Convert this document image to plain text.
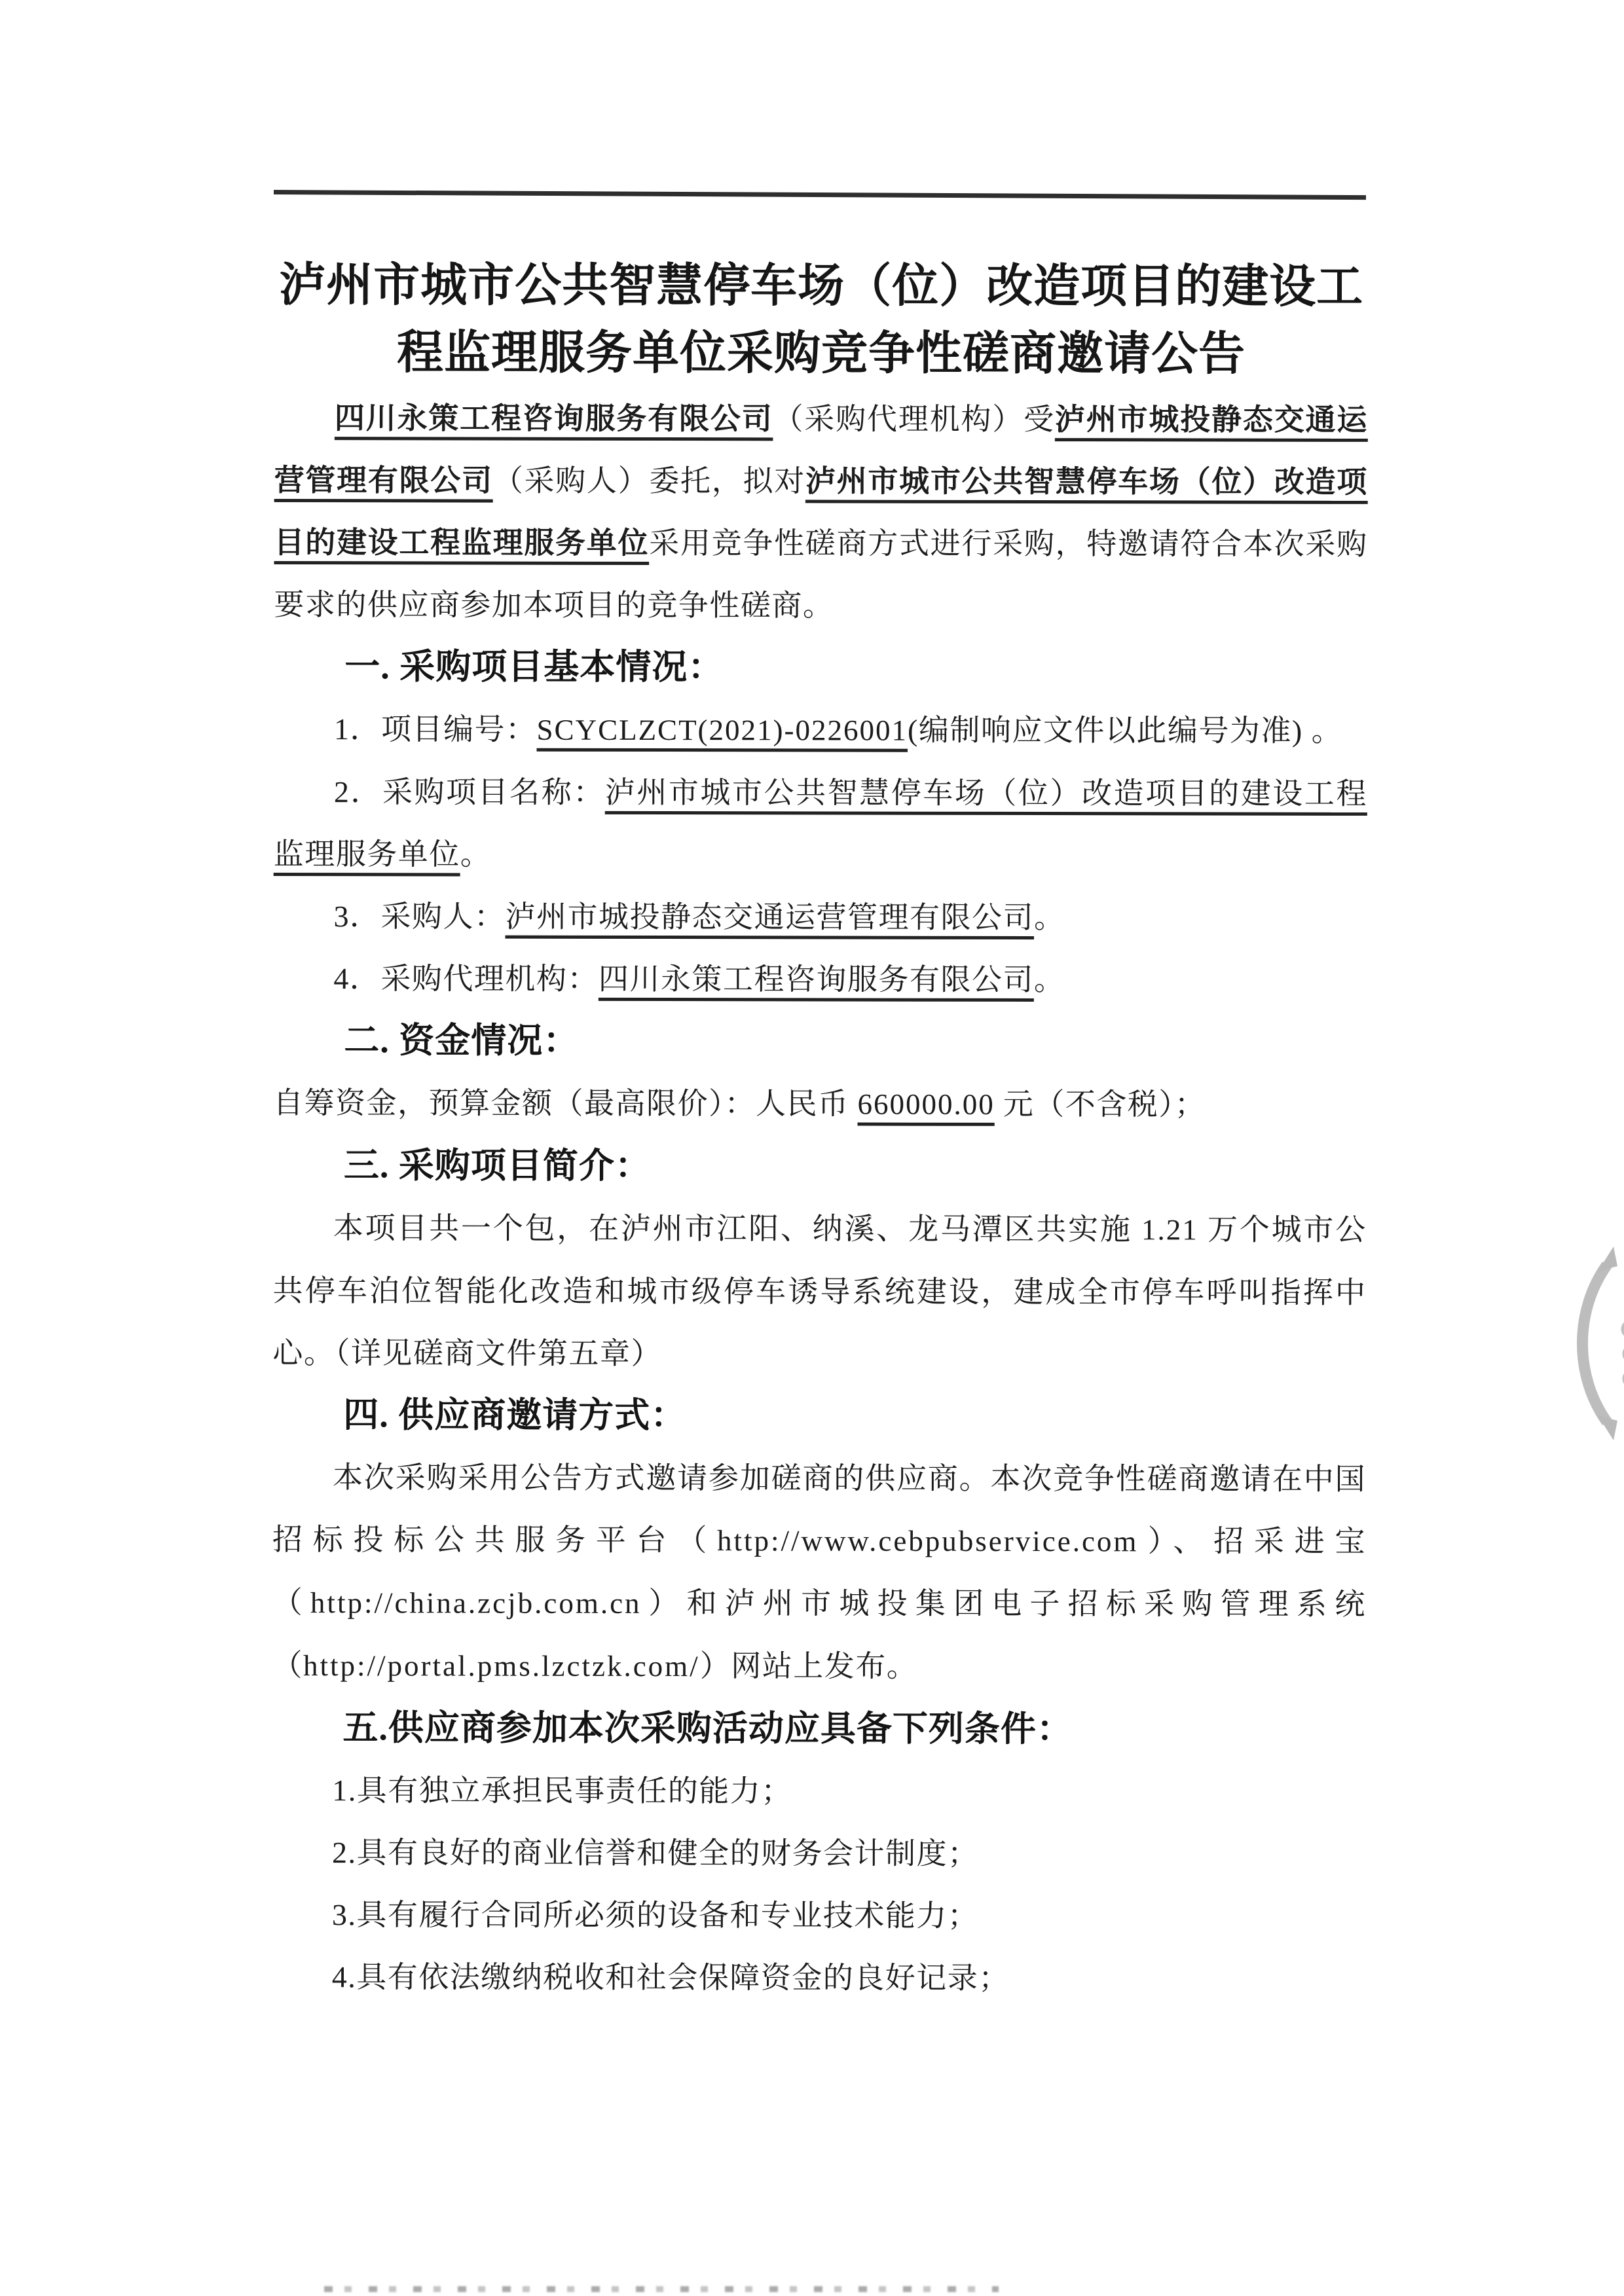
泸州市城市公共智慧停车场（位）改造项目的建设工
程监理服务单位采购竞争性磋商邀请公告

四川永策工程咨询服务有限公司（采购代理机构）受泸州市城投静态交通运营管理有限公司（采购人）委托，拟对泸州市城市公共智慧停车场（位）改造项目的建设工程监理服务单位采用竞争性磋商方式进行采购，特邀请符合本次采购要求的供应商参加本项目的竞争性磋商。

一. 采购项目基本情况：

1．项目编号：SCYCLZCT(2021)-0226001(编制响应文件以此编号为准) 。

2．采购项目名称：泸州市城市公共智慧停车场（位）改造项目的建设工程监理服务单位。

3．采购人：泸州市城投静态交通运营管理有限公司。

4．采购代理机构：四川永策工程咨询服务有限公司。

二. 资金情况：

自筹资金，预算金额（最高限价）：人民币 660000.00 元（不含税）；

三. 采购项目简介：

本项目共一个包，在泸州市江阳、纳溪、龙马潭区共实施 1.21 万个城市公共停车泊位智能化改造和城市级停车诱导系统建设，建成全市停车呼叫指挥中心。（详见磋商文件第五章）

四. 供应商邀请方式：

本次采购采用公告方式邀请参加磋商的供应商。本次竞争性磋商邀请在中国招标投标公共服务平台（http://www.cebpubservice.com）、招采进宝（http://china.zcjb.com.cn）和泸州市城投集团电子招标采购管理系统（http://portal.pms.lzctzk.com/）网站上发布。

五.供应商参加本次采购活动应具备下列条件：

1.具有独立承担民事责任的能力；

2.具有良好的商业信誉和健全的财务会计制度；

3.具有履行合同所必须的设备和专业技术能力；

4.具有依法缴纳税收和社会保障资金的良好记录；
